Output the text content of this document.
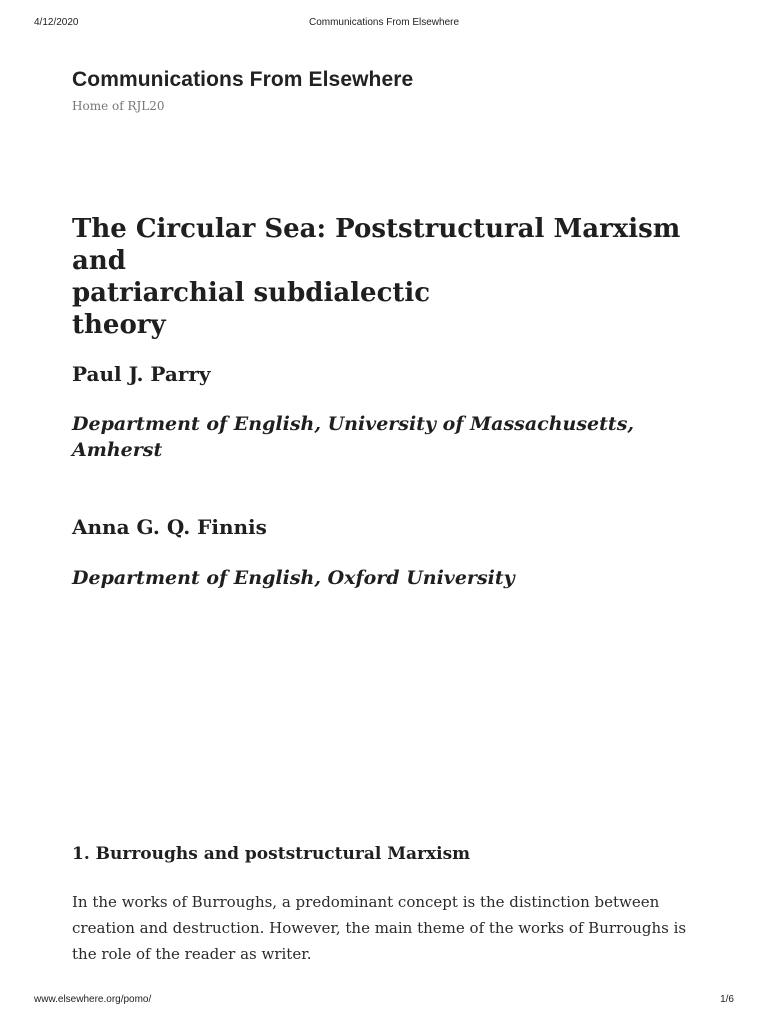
4/12/2020	Communications From Elsewhere
Communications From Elsewhere
Home of RJL20
The Circular Sea: Poststructural Marxism and
patriarchial subdialectic
theory
Paul J. Parry
Department of English, University of Massachusetts,
Amherst
Anna G. Q. Finnis
Department of English, Oxford University
1. Burroughs and poststructural Marxism

In the works of Burroughs, a predominant concept is the distinction between
creation and destruction. However, the main theme of the works of Burroughs is
the role of the reader as writer.

www.elsewhere.org/pomo/	1/6
